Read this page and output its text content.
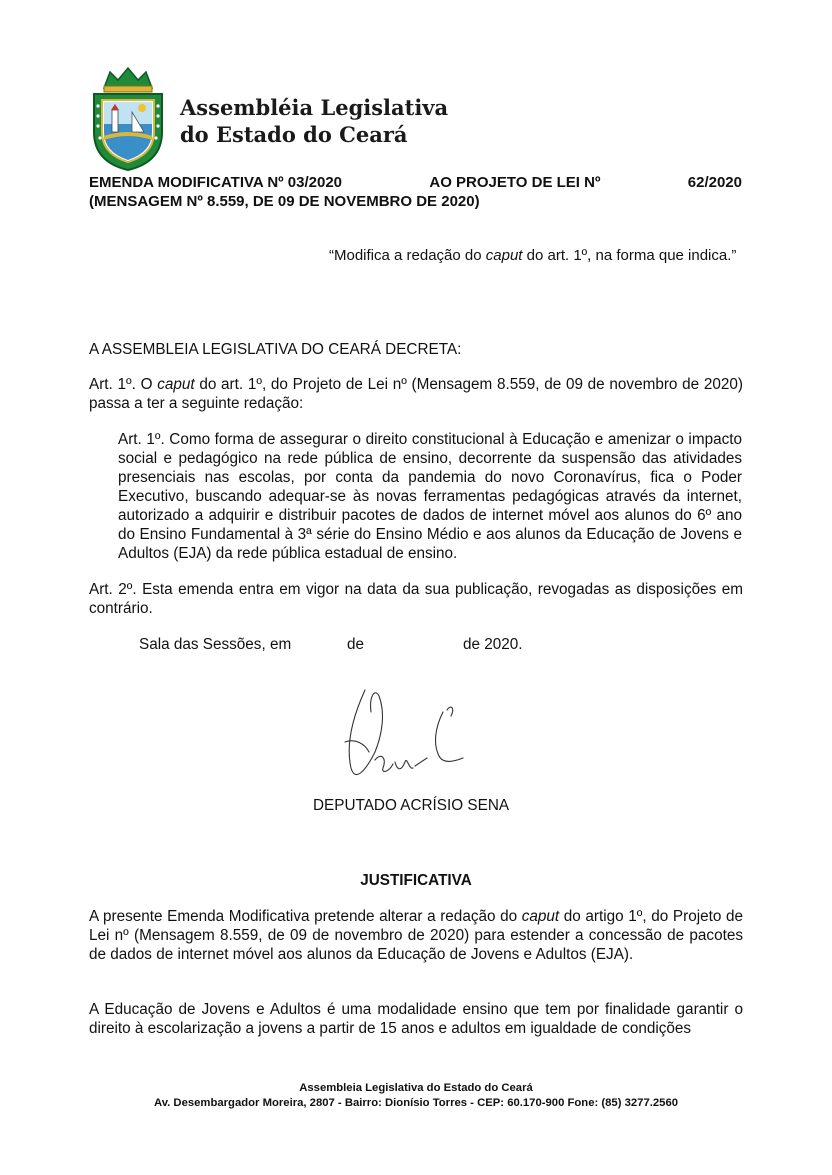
Assembléia Legislativa
do Estado do Ceará
EMENDA MODIFICATIVA Nº 03/2020	AO PROJETO DE LEI Nº	62/2020
(MENSAGEM Nº 8.559, DE 09 DE NOVEMBRO DE 2020)
“Modifica a redação do caput do art. 1º, na forma que indica.”
A ASSEMBLEIA LEGISLATIVA DO CEARÁ DECRETA:
Art. 1º. O caput do art. 1º, do Projeto de Lei nº (Mensagem 8.559, de 09 de novembro de 2020) passa a ter a seguinte redação:
Art. 1º. Como forma de assegurar o direito constitucional à Educação e amenizar o impacto social e pedagógico na rede pública de ensino, decorrente da suspensão das atividades presenciais nas escolas, por conta da pandemia do novo Coronavírus, fica o Poder Executivo, buscando adequar-se às novas ferramentas pedagógicas através da internet, autorizado a adquirir e distribuir pacotes de dados de internet móvel aos alunos do 6º ano do Ensino Fundamental à 3ª série do Ensino Médio e aos alunos da Educação de Jovens e Adultos (EJA) da rede pública estadual de ensino.
Art. 2º. Esta emenda entra em vigor na data da sua publicação, revogadas as disposições em contrário.
Sala das Sessões, em	de	de 2020.
DEPUTADO ACRÍSIO SENA
JUSTIFICATIVA
A presente Emenda Modificativa pretende alterar a redação do caput do artigo 1º, do Projeto de Lei nº (Mensagem 8.559, de 09 de novembro de 2020) para estender a concessão de pacotes de dados de internet móvel aos alunos da Educação de Jovens e Adultos (EJA).
A Educação de Jovens e Adultos é uma modalidade ensino que tem por finalidade garantir o direito à escolarização a jovens a partir de 15 anos e adultos em igualdade de condições
Assembleia Legislativa do Estado do Ceará
Av. Desembargador Moreira, 2807 - Bairro: Dionísio Torres - CEP: 60.170-900 Fone: (85) 3277.2560
